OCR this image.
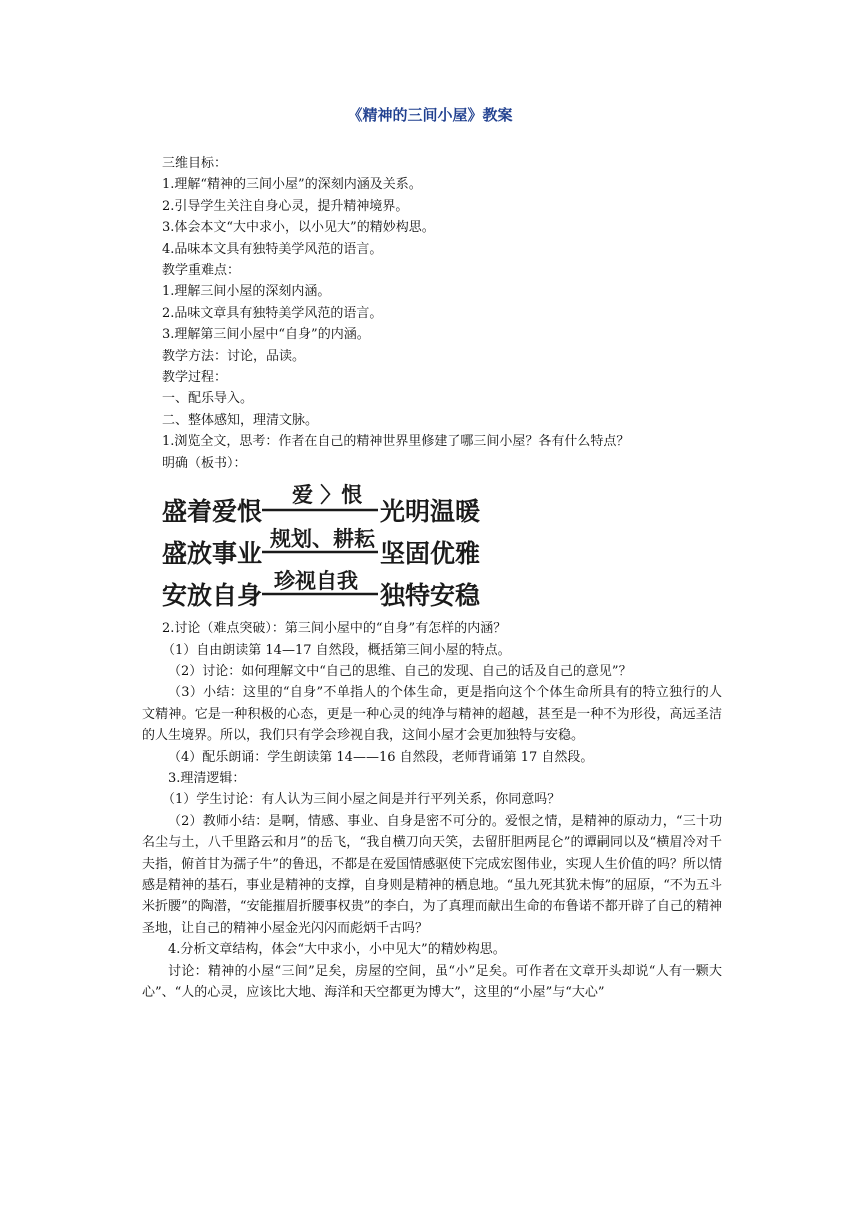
《精神的三间小屋》教案

三维目标：

1.理解“精神的三间小屋”的深刻内涵及关系。

2.引导学生关注自身心灵，提升精神境界。

3.体会本文“大中求小，以小见大”的精妙构思。

4.品味本文具有独特美学风范的语言。

教学重难点：

1.理解三间小屋的深刻内涵。

2.品味文章具有独特美学风范的语言。

3.理解第三间小屋中“自身”的内涵。

教学方法：讨论，品读。

教学过程：

一、配乐导入。

二、整体感知，理清文脉。

1.浏览全文，思考：作者在自己的精神世界里修建了哪三间小屋？各有什么特点？

明确（板书）：

盛着爱恨
爱 〉恨
光明温暖
盛放事业 规划、耕耘 坚固优雅
安放自身 珍视自我 独特安稳

2.讨论（难点突破）：第三间小屋中的“自身”有怎样的内涵？

（1）自由朗读第 14—17 自然段，概括第三间小屋的特点。

（2）讨论：如何理解文中“自己的思维、自己的发现、自己的话及自己的意见”？

（3）小结：这里的“自身”不单指人的个体生命，更是指向这个个体生命所具有的特立独行的人文精神。它是一种积极的心态，更是一种心灵的纯净与精神的超越，甚至是一种不为形役，高远圣洁的人生境界。所以，我们只有学会珍视自我，这间小屋才会更加独特与安稳。

（4）配乐朗诵：学生朗读第 14——16 自然段，老师背诵第 17 自然段。

3.理清逻辑：

（1）学生讨论：有人认为三间小屋之间是并行平列关系，你同意吗？

（2）教师小结：是啊，情感、事业、自身是密不可分的。爱恨之情，是精神的原动力，“三十功名尘与土，八千里路云和月”的岳飞，“我自横刀向天笑，去留肝胆两昆仑”的谭嗣同以及“横眉冷对千夫指，俯首甘为孺子牛”的鲁迅，不都是在爱国情感驱使下完成宏图伟业，实现人生价值的吗？所以情感是精神的基石，事业是精神的支撑，自身则是精神的栖息地。“虽九死其犹未悔”的屈原，“不为五斗米折腰”的陶潜，“安能摧眉折腰事权贵”的李白，为了真理而献出生命的布鲁诺不都开辟了自己的精神圣地，让自己的精神小屋金光闪闪而彪炳千古吗？

4.分析文章结构，体会“大中求小，小中见大”的精妙构思。

讨论：精神的小屋“三间”足矣，房屋的空间，虽“小”足矣。可作者在文章开头却说“人有一颗大心”、“人的心灵，应该比大地、海洋和天空都更为博大”，这里的“小屋”与“大心”
